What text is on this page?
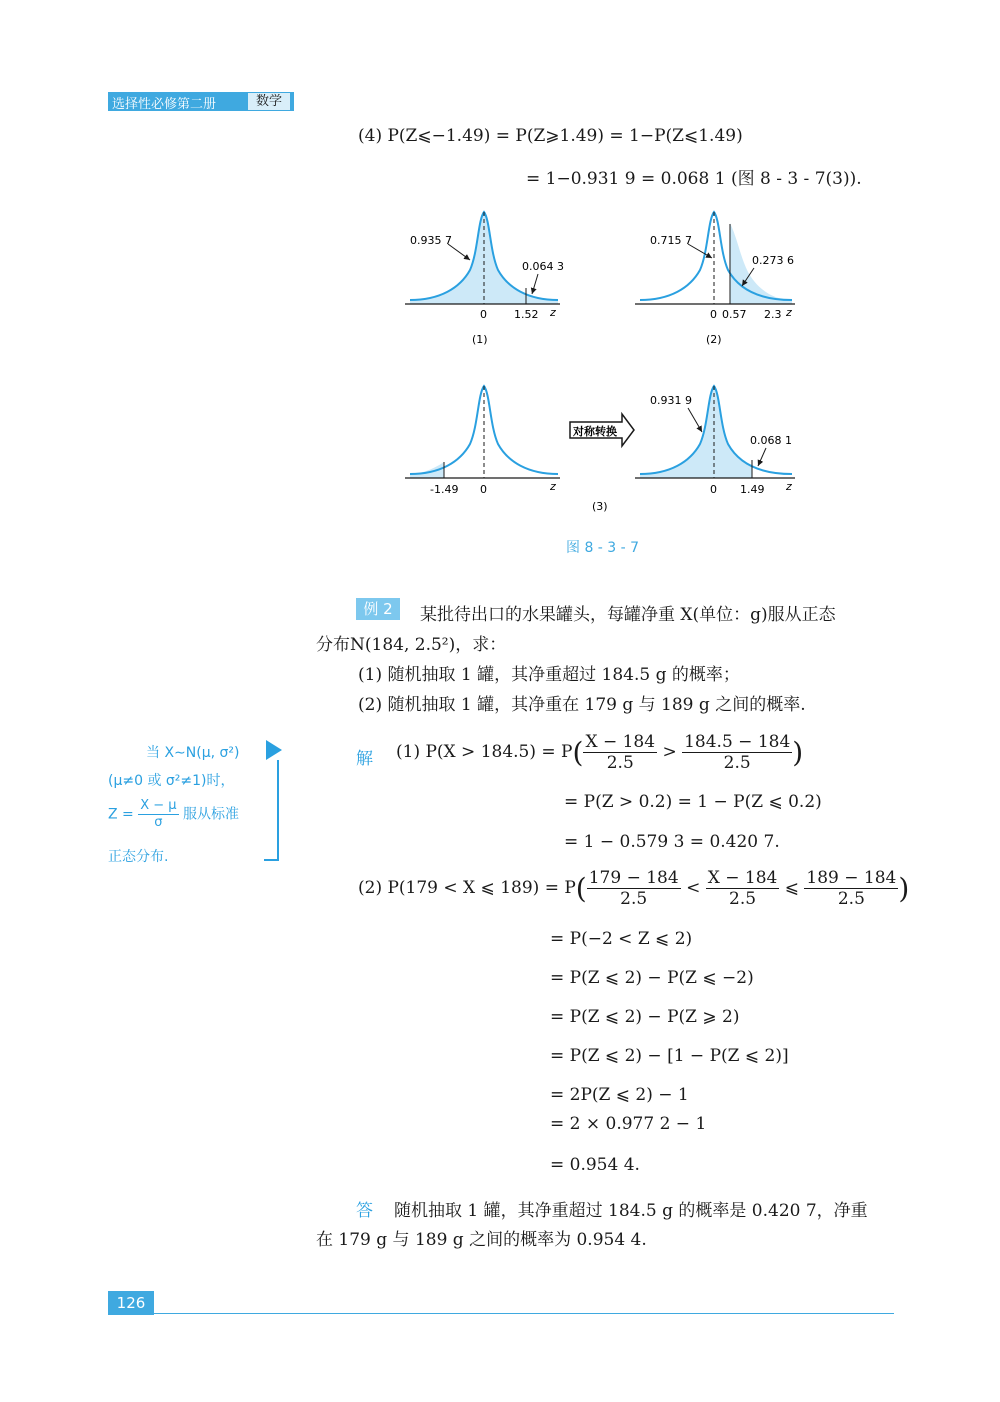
选择性必修第二册	数学
(4) P(Z⩽−1.49) = P(Z⩾1.49) = 1−P(Z⩽1.49)
= 1−0.931 9 = 0.068 1 (图 8 - 3 - 7(3)).
0.935 7
0.064 3
0 1.52 z
(1)
0.715 7
0.273 6
0 0.57 2.3 z
(2)
-1.49 0	z
对称转换
0.931 9
0.068 1
0 1.49 z
(3)
图 8 - 3 - 7
例 2	某批待出口的水果罐头，每罐净重 X(单位：g)服从正态
分布N(184, 2.5²)，求：
(1) 随机抽取 1 罐，其净重超过 184.5 g 的概率；
(2) 随机抽取 1 罐，其净重在 179 g 与 189 g 之间的概率.
当 X∼N(μ, σ²)
(μ≠0 或 σ²≠1)时，
$Z = \frac{X - \mu}{\sigma}$ 服从标准
正态分布.
解 (1) $P(X > 184.5) = P( \frac{X - 184}{2.5} > \frac{184.5 - 184}{2.5}$ )
= P(Z > 0.2) = 1 − P(Z ⩽ 0.2)
= 1 − 0.579 3 = 0.420 7.
(2) P(179 < X ⩽ $189) = P( \frac{179 - 184}{2.5} < \frac{X - 184}{2.5}$ ⩽ $\frac{189 - 184}{2.5}$ )
= P(−2 < Z ⩽ 2)
= P(Z ⩽ 2) − P(Z ⩽ −2)
= P(Z ⩽ 2) − P(Z ⩾ 2)
= P(Z ⩽ 2) − [1 − P(Z ⩽ 2)]
= 2P(Z ⩽ 2) − 1
= 2 × 0.977 2 − 1
= 0.954 4.
答 随机抽取 1 罐，其净重超过 184.5 g 的概率是 0.420 7，净重
在 179 g 与 189 g 之间的概率为 0.954 4.
126
